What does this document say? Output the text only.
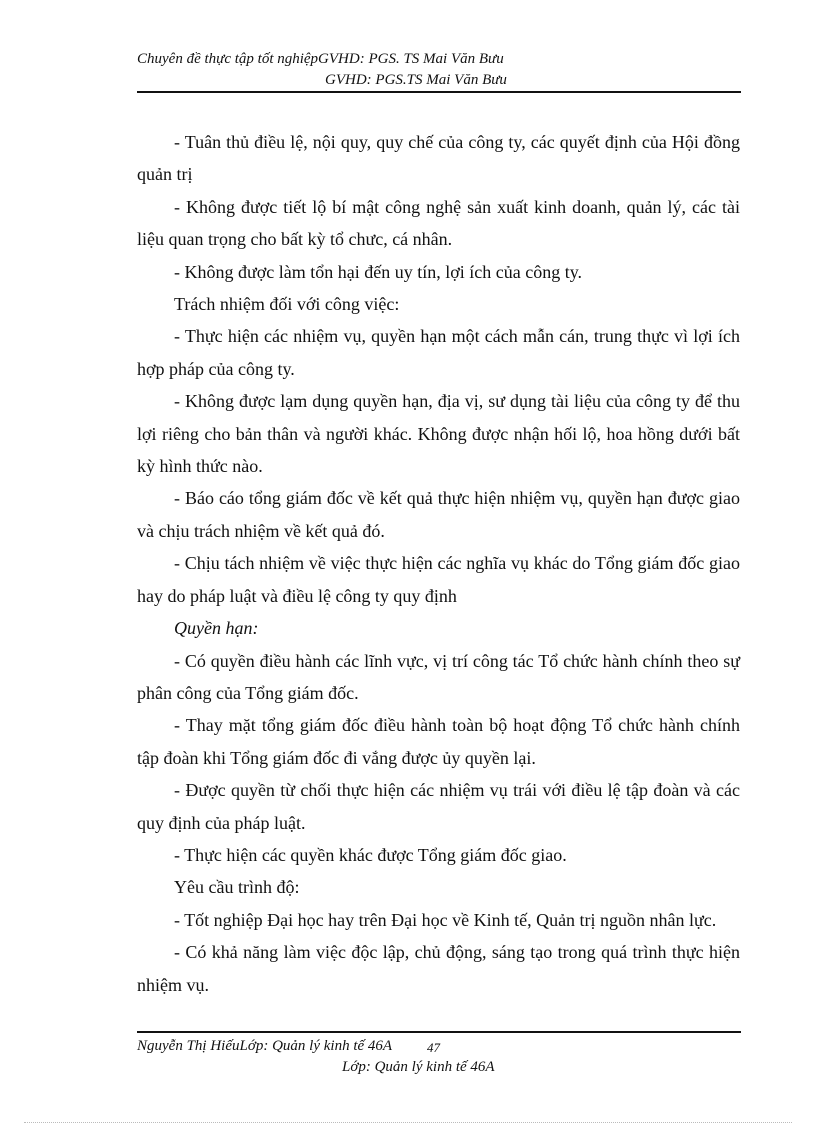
Chuyên đề thực tập tốt nghiệpGVHD: PGS. TS Mai Văn Bưu
GVHD: PGS.TS Mai Văn Bưu

- Tuân thủ điều lệ, nội quy, quy chế của công ty, các quyết định của Hội đồng quản trị

- Không được tiết lộ bí mật công nghệ sản xuất kinh doanh, quản lý, các tài liệu quan trọng cho bất kỳ tổ chưc, cá nhân.

- Không được làm tổn hại đến uy tín, lợi ích của công ty.

Trách nhiệm đối với công việc:

- Thực hiện các nhiệm vụ, quyền hạn một cách mẫn cán, trung thực vì lợi ích hợp pháp của công ty.

- Không được lạm dụng quyền hạn, địa vị, sư dụng tài liệu của công ty để thu lợi riêng cho bản thân và người khác. Không được nhận hối lộ, hoa hồng dưới bất kỳ hình thức nào.

- Báo cáo tổng giám đốc về kết quả thực hiện nhiệm vụ, quyền hạn được giao và chịu trách nhiệm về kết quả đó.

- Chịu tách nhiệm về việc thực hiện các nghĩa vụ khác do Tổng giám đốc giao hay do pháp luật và điều lệ công ty quy định

Quyền hạn:

- Có quyền điều hành các lĩnh vực, vị trí công tác Tổ chức hành chính theo sự phân công của Tổng giám đốc.

- Thay mặt tổng giám đốc điều hành toàn bộ hoạt động Tổ chức hành chính tập đoàn khi Tổng giám đốc đi vắng được ủy quyền lại.

- Được quyền từ chối thực hiện các nhiệm vụ trái với điều lệ tập đoàn và các quy định của pháp luật.

- Thực hiện các quyền khác được Tổng giám đốc giao.

Yêu cầu trình độ:

- Tốt nghiệp Đại học hay trên Đại học về Kinh tế, Quản trị nguồn nhân lực.

- Có khả năng làm việc độc lập, chủ động, sáng tạo trong quá trình thực hiện nhiệm vụ.

Nguyễn Thị HiếuLớp: Quản lý kinh tế 46A	47
Lớp: Quản lý kinh tế 46A
